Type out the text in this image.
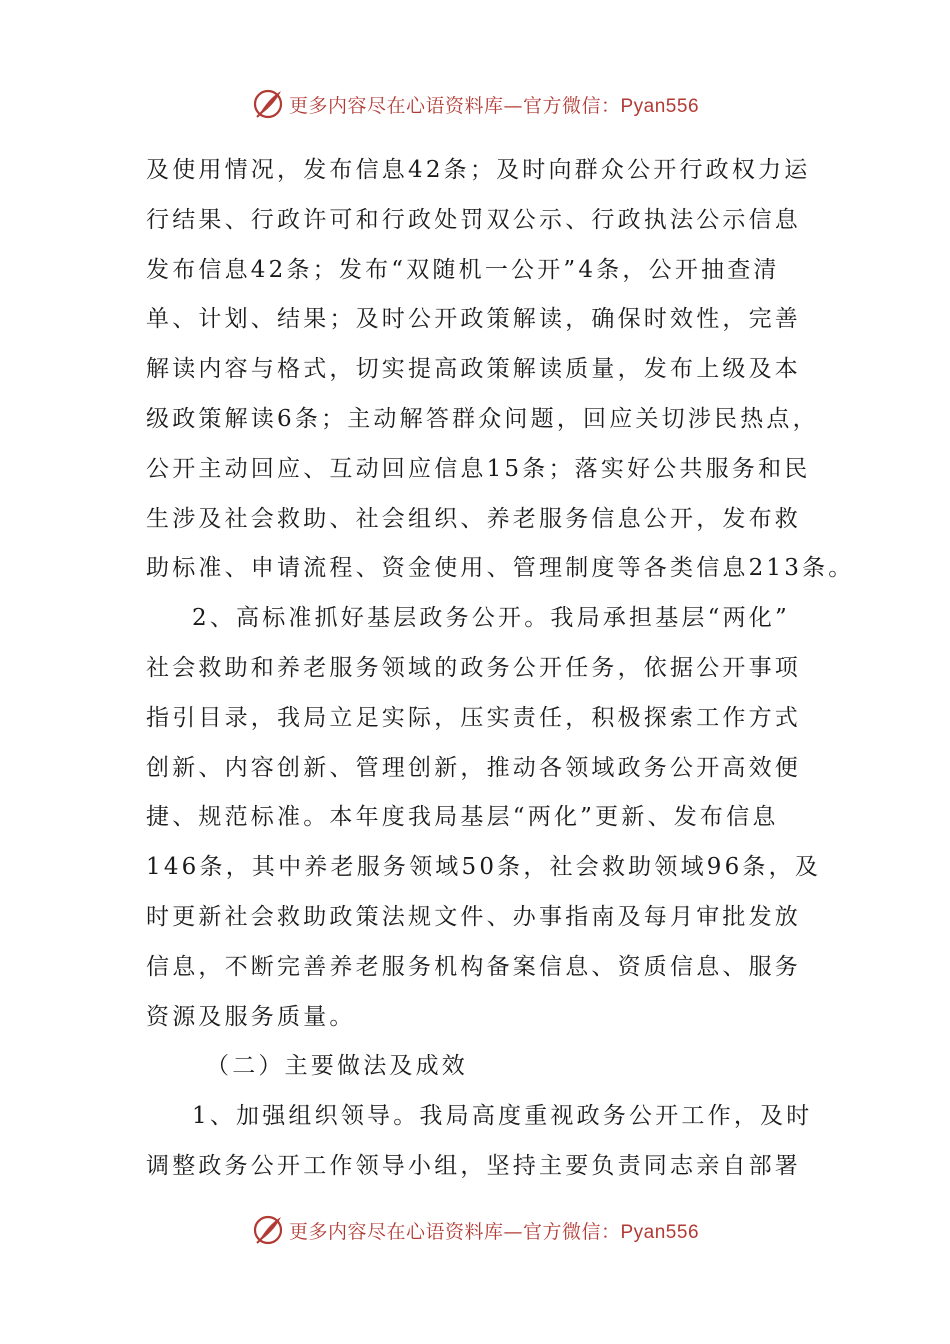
更多内容尽在心语资料库—官方微信：Pyan556
及使用情况，发布信息42条；及时向群众公开行政权力运
行结果、行政许可和行政处罚双公示、行政执法公示信息
发布信息42条；发布“双随机一公开”4条，公开抽查清
单、计划、结果；及时公开政策解读，确保时效性，完善
解读内容与格式，切实提高政策解读质量，发布上级及本
级政策解读6条；主动解答群众问题，回应关切涉民热点，
公开主动回应、互动回应信息15条；落实好公共服务和民
生涉及社会救助、社会组织、养老服务信息公开，发布救
助标准、申请流程、资金使用、管理制度等各类信息213条。
2、高标准抓好基层政务公开。我局承担基层“两化”
社会救助和养老服务领域的政务公开任务，依据公开事项
指引目录，我局立足实际，压实责任，积极探索工作方式
创新、内容创新、管理创新，推动各领域政务公开高效便
捷、规范标准。本年度我局基层“两化”更新、发布信息
146条，其中养老服务领域50条，社会救助领域96条，及
时更新社会救助政策法规文件、办事指南及每月审批发放
信息，不断完善养老服务机构备案信息、资质信息、服务
资源及服务质量。
（二）主要做法及成效
1、加强组织领导。我局高度重视政务公开工作，及时
调整政务公开工作领导小组，坚持主要负责同志亲自部署
更多内容尽在心语资料库—官方微信：Pyan556
